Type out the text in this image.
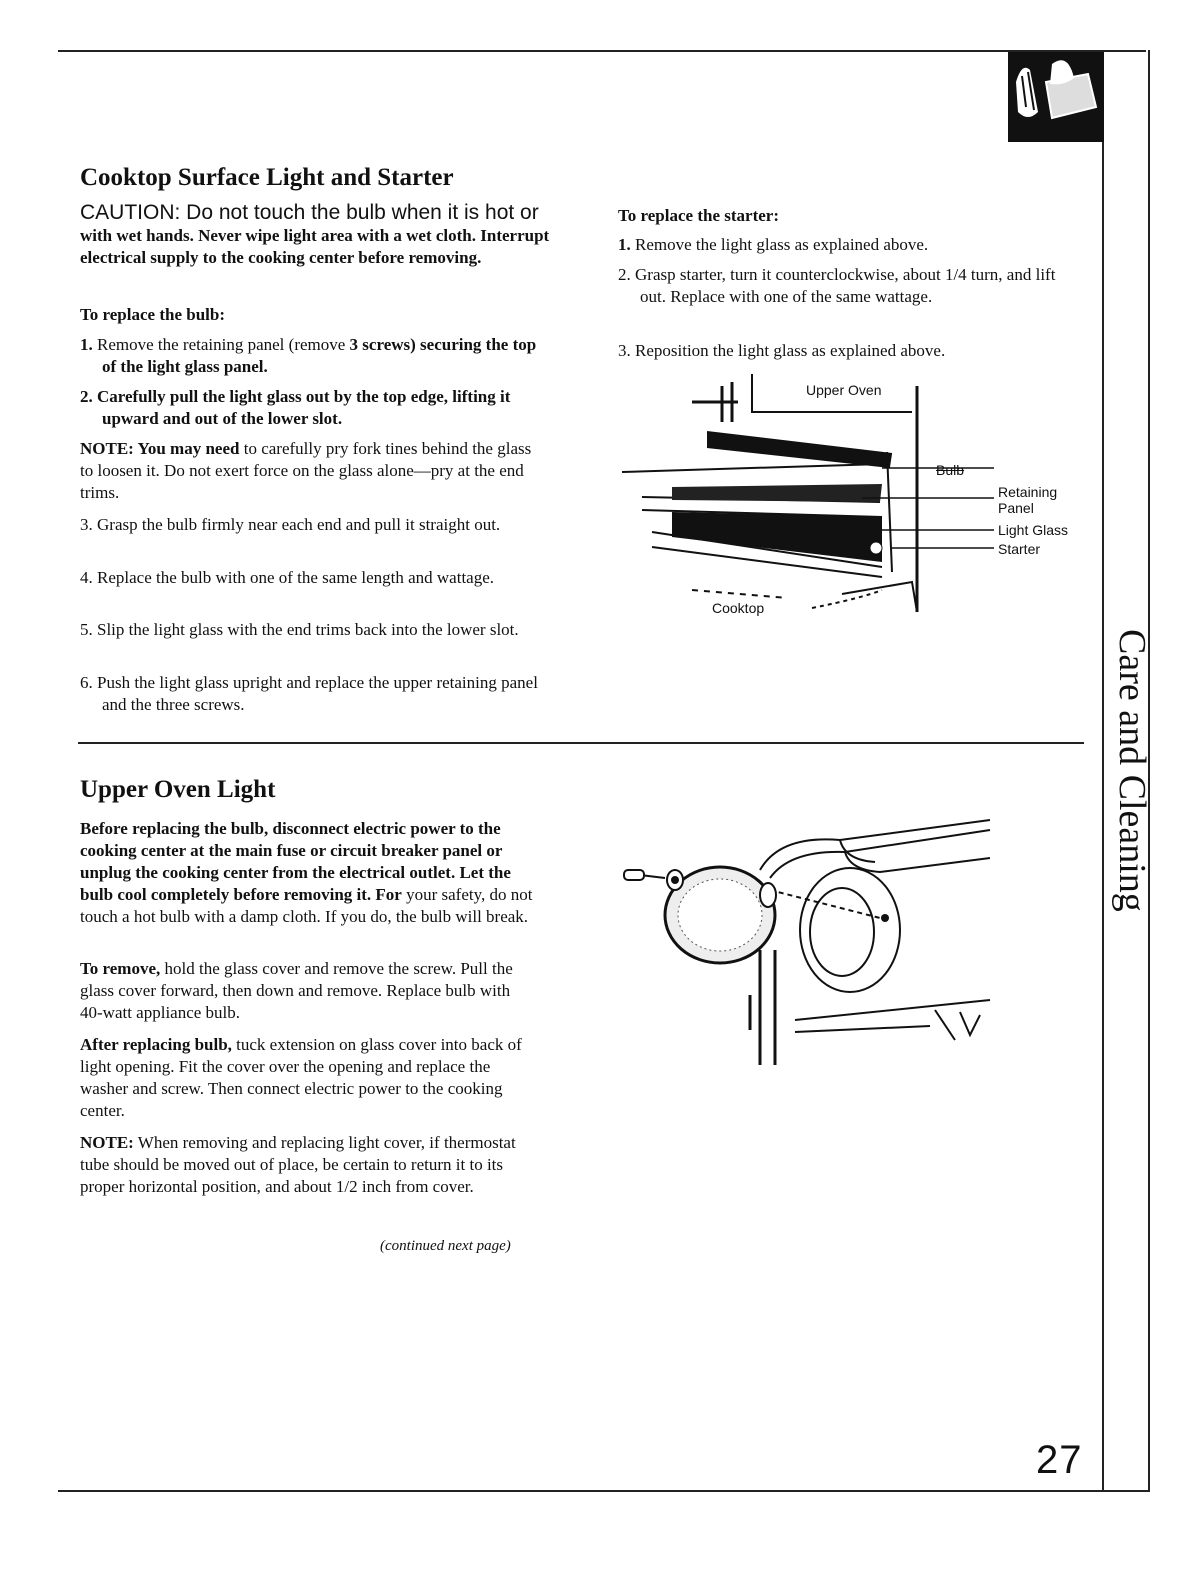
Cooktop Surface Light and Starter

CAUTION: Do not touch the bulb when it is hot or with wet hands. Never wipe light area with a wet cloth. Interrupt electrical supply to the cooking center before removing.

To replace the bulb:

1. Remove the retaining panel (remove 3 screws) securing the top of the light glass panel.

2. Carefully pull the light glass out by the top edge, lifting it upward and out of the lower slot.

NOTE: You may need to carefully pry fork tines behind the glass to loosen it. Do not exert force on the glass alone—pry at the end trims.

3. Grasp the bulb firmly near each end and pull it straight out.

4. Replace the bulb with one of the same length and wattage.

5. Slip the light glass with the end trims back into the lower slot.

6. Push the light glass upright and replace the upper retaining panel and the three screws.

To replace the starter:

1. Remove the light glass as explained above.

2. Grasp starter, turn it counterclockwise, about 1/4 turn, and lift out. Replace with one of the same wattage.

3. Reposition the light glass as explained above.

Upper Oven
Bulb
Retaining Panel
Light Glass
Starter
Cooktop
Upper Oven Light

Before replacing the bulb, disconnect electric power to the cooking center at the main fuse or circuit breaker panel or unplug the cooking center from the electrical outlet. Let the bulb cool completely before removing it. For your safety, do not touch a hot bulb with a damp cloth. If you do, the bulb will break.

To remove, hold the glass cover and remove the screw. Pull the glass cover forward, then down and remove. Replace bulb with 40-watt appliance bulb.

After replacing bulb, tuck extension on glass cover into back of light opening. Fit the cover over the opening and replace the washer and screw. Then connect electric power to the cooking center.

NOTE: When removing and replacing light cover, if thermostat tube should be moved out of place, be certain to return it to its proper horizontal position, and about 1/2 inch from cover.

(continued next page)
Care and Cleaning
27
